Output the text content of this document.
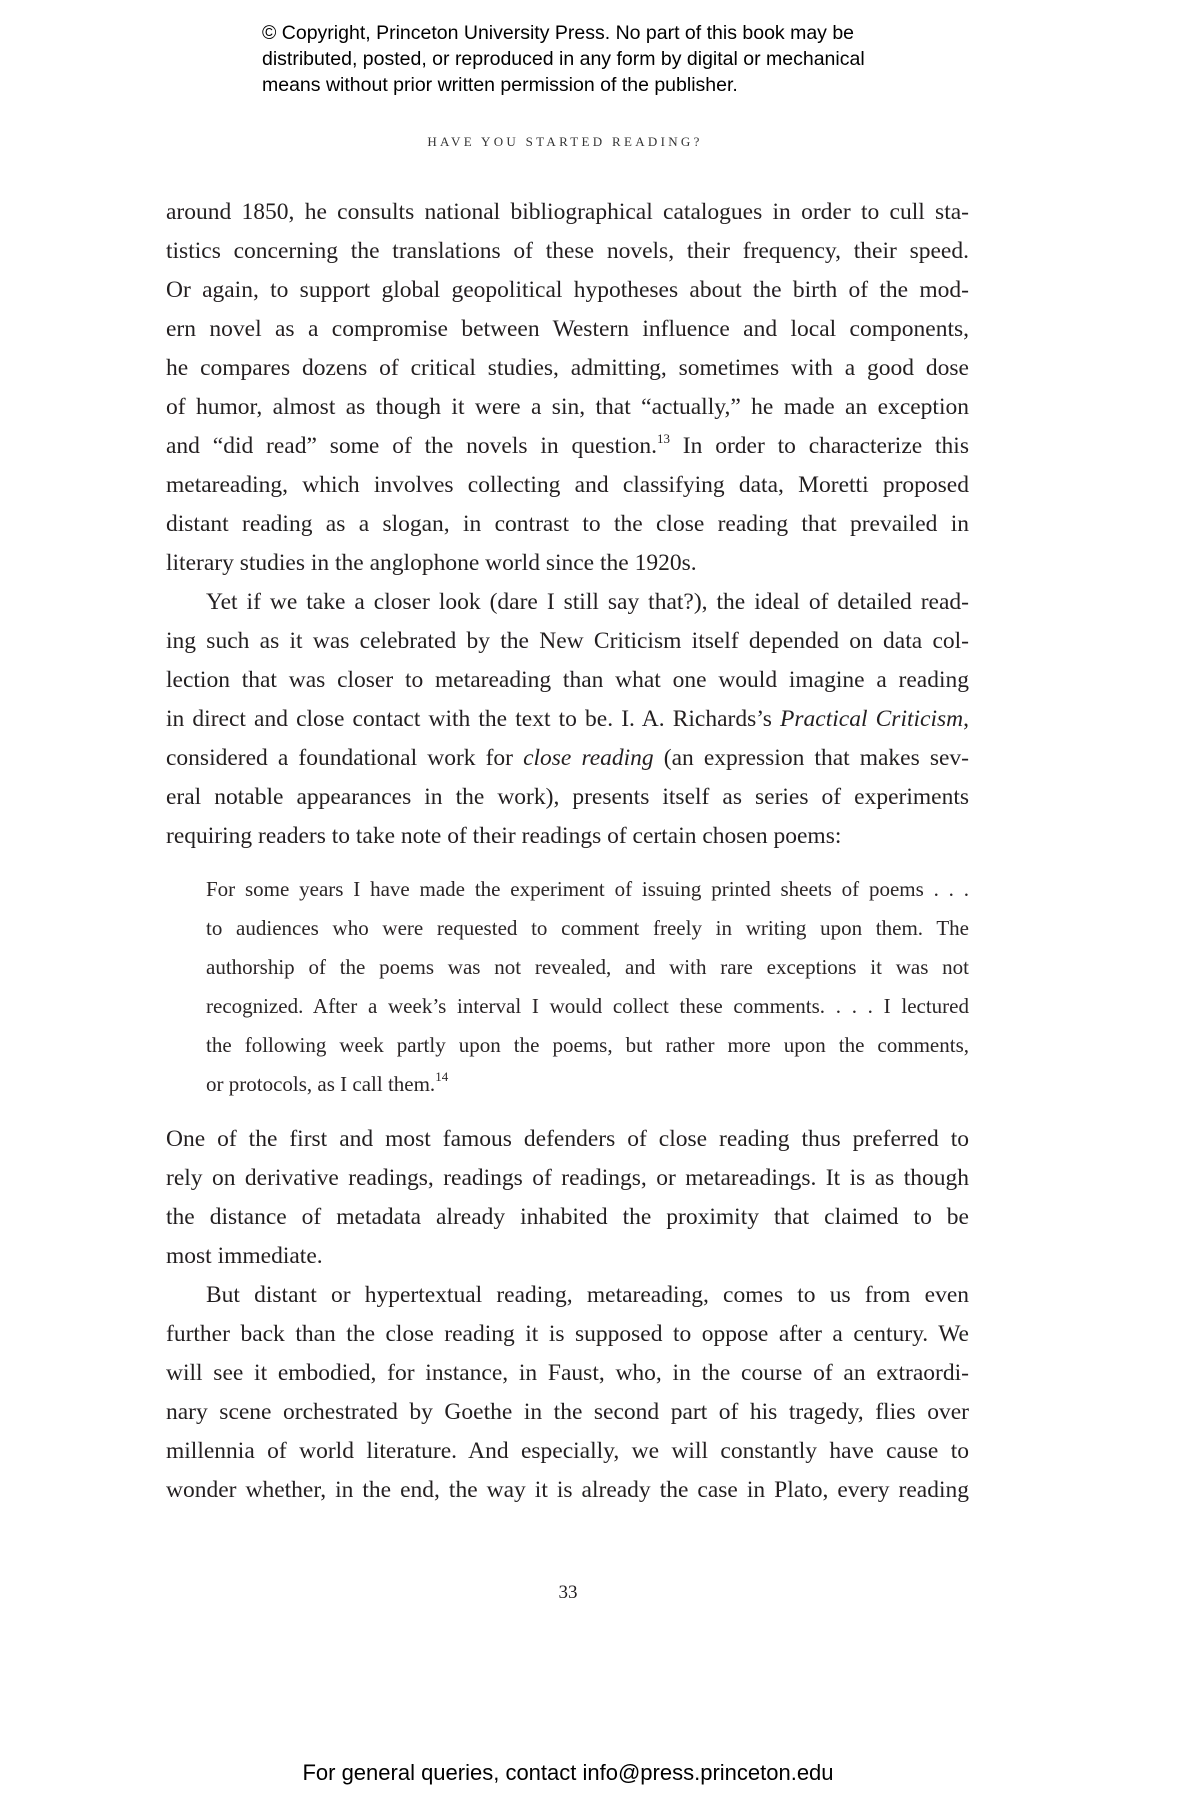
© Copyright, Princeton University Press. No part of this book may be
distributed, posted, or reproduced in any form by digital or mechanical
means without prior written permission of the publisher.
HAVE YOU STARTED READING?
around 1850, he consults national bibliographical catalogues in order to cull sta-
tistics concerning the translations of these novels, their frequency, their speed.
Or again, to support global geopolitical hypotheses about the birth of the mod-
ern novel as a compromise between Western influence and local components,
he compares dozens of critical studies, admitting, sometimes with a good dose
of humor, almost as though it were a sin, that “actually,” he made an exception
and “did read” some of the novels in question.$^{13}$ In order to characterize this
metareading, which involves collecting and classifying data, Moretti proposed
distant reading as a slogan, in contrast to the close reading that prevailed in
literary studies in the anglophone world since the 1920s.
Yet if we take a closer look (dare I still say that?), the ideal of detailed read-
ing such as it was celebrated by the New Criticism itself depended on data col-
lection that was closer to metareading than what one would imagine a reading
in direct and close contact with the text to be. I. A. Richards’s Practical Criticism,
considered a foundational work for close reading (an expression that makes sev-
eral notable appearances in the work), presents itself as series of experiments
requiring readers to take note of their readings of certain chosen poems:
For some years I have made the experiment of issuing printed sheets of poems . . .
to audiences who were requested to comment freely in writing upon them. The
authorship of the poems was not revealed, and with rare exceptions it was not
recognized. After a week’s interval I would collect these comments. . . . I lectured
the following week partly upon the poems, but rather more upon the comments,
or protocols, as I call them.$^{14}$
One of the first and most famous defenders of close reading thus preferred to
rely on derivative readings, readings of readings, or metareadings. It is as though
the distance of metadata already inhabited the proximity that claimed to be
most immediate.
But distant or hypertextual reading, metareading, comes to us from even
further back than the close reading it is supposed to oppose after a century. We
will see it embodied, for instance, in Faust, who, in the course of an extraordi-
nary scene orchestrated by Goethe in the second part of his tragedy, flies over
millennia of world literature. And especially, we will constantly have cause to
wonder whether, in the end, the way it is already the case in Plato, every reading
33
For general queries, contact info@press.princeton.edu
